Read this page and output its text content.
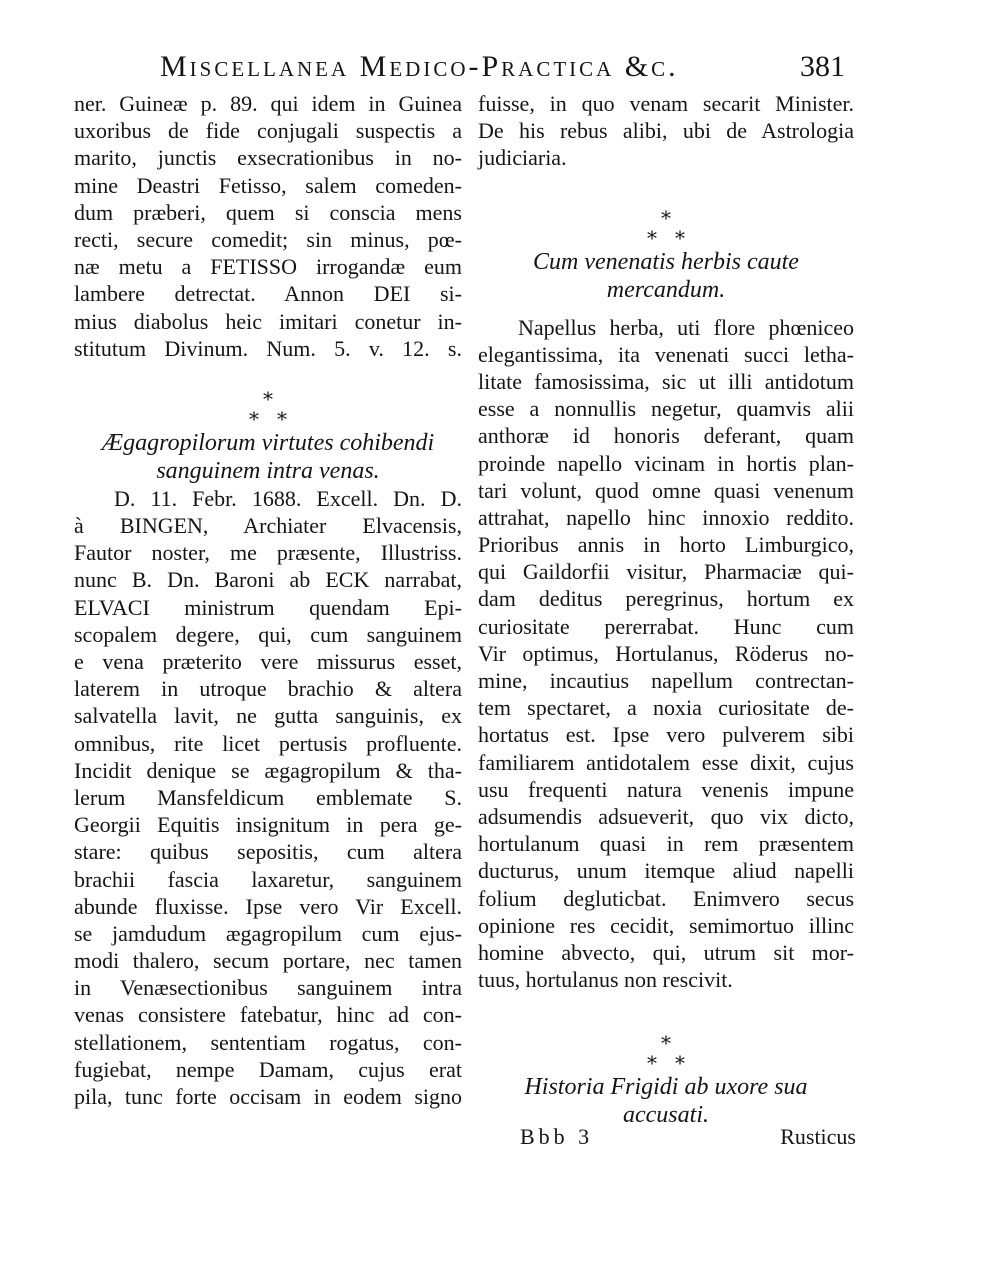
Miscellanea Medico-Practica &c.	381
ner. Guineæ p. 89. qui idem in Guinea
uxoribus de fide conjugali suspectis a
marito, junctis exsecrationibus in no-
mine Deastri Fetisso, salem comeden-
dum præberi, quem si conscia mens
recti, secure comedit; sin minus, pœ-
næ metu a FETISSO irrogandæ eum
lambere detrectat. Annon DEI si-
mius diabolus heic imitari conetur in-
stitutum Divinum. Num. 5. v. 12. s.
*
**
Ægagropilorum virtutes cohibendi
sanguinem intra venas.
D. 11. Febr. 1688. Excell. Dn. D.
à BINGEN, Archiater Elvacensis,
Fautor noster, me præsente, Illustriss.
nunc B. Dn. Baroni ab ECK narrabat,
ELVACI ministrum quendam Epi-
scopalem degere, qui, cum sanguinem
e vena præterito vere missurus esset,
laterem in utroque brachio & altera
salvatella lavit, ne gutta sanguinis, ex
omnibus, rite licet pertusis profluente.
Incidit denique se ægagropilum & tha-
lerum Mansfeldicum emblemate S.
Georgii Equitis insignitum in pera ge-
stare: quibus sepositis, cum altera
brachii fascia laxaretur, sanguinem
abunde fluxisse. Ipse vero Vir Excell.
se jamdudum ægagropilum cum ejus-
modi thalero, secum portare, nec tamen
in Venæsectionibus sanguinem intra
venas consistere fatebatur, hinc ad con-
stellationem, sententiam rogatus, con-
fugiebat, nempe Damam, cujus erat
pila, tunc forte occisam in eodem signo
fuisse, in quo venam secarit Minister.
De his rebus alibi, ubi de Astrologia
judiciaria.
*
**
Cum venenatis herbis caute
mercandum.
Napellus herba, uti flore phœniceo
elegantissima, ita venenati succi letha-
litate famosissima, sic ut illi antidotum
esse a nonnullis negetur, quamvis alii
anthoræ id honoris deferant, quam
proinde napello vicinam in hortis plan-
tari volunt, quod omne quasi venenum
attrahat, napello hinc innoxio reddito.
Prioribus annis in horto Limburgico,
qui Gaildorfii visitur, Pharmaciæ qui-
dam deditus peregrinus, hortum ex
curiositate pererrabat. Hunc cum
Vir optimus, Hortulanus, Röderus no-
mine, incautius napellum contrectan-
tem spectaret, a noxia curiositate de-
hortatus est. Ipse vero pulverem sibi
familiarem antidotalem esse dixit, cujus
usu frequenti natura venenis impune
adsumendis adsueverit, quo vix dicto,
hortulanum quasi in rem præsentem
ducturus, unum itemque aliud napelli
folium degluticbat. Enimvero secus
opinione res cecidit, semimortuo illinc
homine abvecto, qui, utrum sit mor-
tuus, hortulanus non rescivit.
*
**
Historia Frigidi ab uxore sua
accusati.
Bbb 3	Rusticus
